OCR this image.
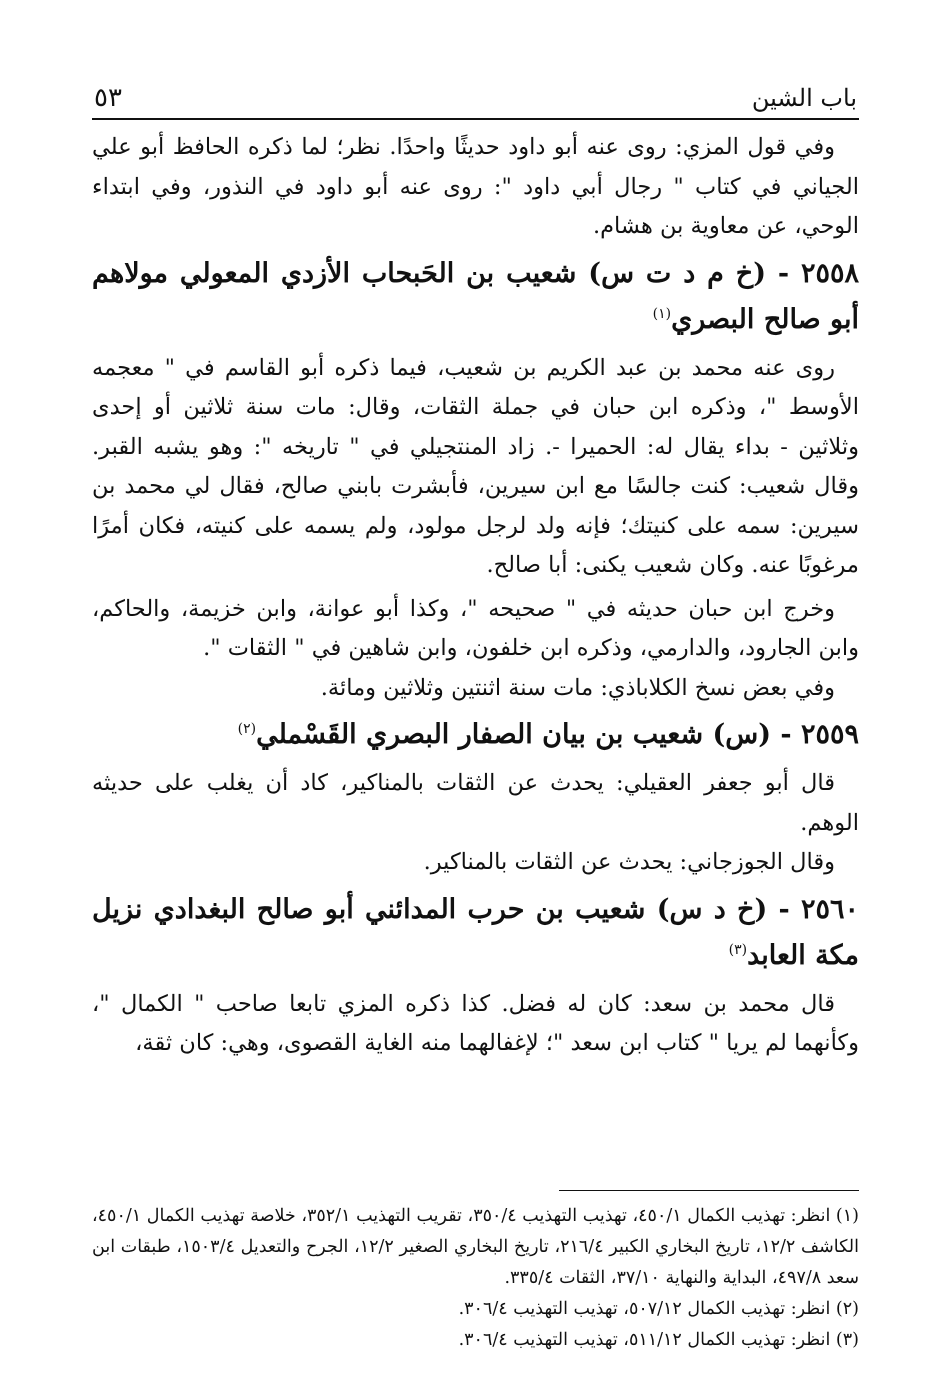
باب الشين
٥٣

وفي قول المزي: روى عنه أبو داود حديثًا واحدًا. نظر؛ لما ذكره الحافظ أبو علي الجياني في كتاب " رجال أبي داود ": روى عنه أبو داود في النذور، وفي ابتداء الوحي، عن معاوية بن هشام.

٢٥٥٨ - (خ م د ت س) شعيب بن الحَبحاب الأزدي المعولي مولاهم أبو صالح البصري$^{(١)}$

روى عنه محمد بن عبد الكريم بن شعيب، فيما ذكره أبو القاسم في " معجمه الأوسط "، وذكره ابن حبان في جملة الثقات، وقال: مات سنة ثلاثين أو إحدى وثلاثين - بداء يقال له: الحميرا -. زاد المنتجيلي في " تاريخه ": وهو يشبه القبر. وقال شعيب: كنت جالسًا مع ابن سيرين، فأبشرت بابني صالح، فقال لي محمد بن سيرين: سمه على كنيتك؛ فإنه ولد لرجل مولود، ولم يسمه على كنيته، فكان أمرًا مرغوبًا عنه. وكان شعيب يكنى: أبا صالح.

وخرج ابن حبان حديثه في " صحيحه "، وكذا أبو عوانة، وابن خزيمة، والحاكم، وابن الجارود، والدارمي، وذكره ابن خلفون، وابن شاهين في " الثقات ".

وفي بعض نسخ الكلاباذي: مات سنة اثنتين وثلاثين ومائة.

٢٥٥٩ - (س) شعيب بن بيان الصفار البصري القَسْملي$^{(٢)}$

قال أبو جعفر العقيلي: يحدث عن الثقات بالمناكير، كاد أن يغلب على حديثه الوهم.

وقال الجوزجاني: يحدث عن الثقات بالمناكير.

٢٥٦٠ - (خ د س) شعيب بن حرب المدائني أبو صالح البغدادي نزيل مكة العابد$^{(٣)}$

قال محمد بن سعد: كان له فضل. كذا ذكره المزي تابعا صاحب " الكمال "، وكأنهما لم يريا " كتاب ابن سعد "؛ لإغفالهما منه الغاية القصوى، وهي: كان ثقة،

(١) انظر: تهذيب الكمال ٤٥٠/١، تهذيب التهذيب ٣٥٠/٤، تقريب التهذيب ٣٥٢/١، خلاصة تهذيب الكمال ٤٥٠/١، الكاشف ١٢/٢، تاريخ البخاري الكبير ٢١٦/٤، تاريخ البخاري الصغير ١٢/٢، الجرح والتعديل ١٥٠٣/٤، طبقات ابن سعد ٤٩٧/٨، البداية والنهاية ٣٧/١٠، الثقات ٣٣٥/٤.

(٢) انظر: تهذيب الكمال ٥٠٧/١٢، تهذيب التهذيب ٣٠٦/٤.

(٣) انظر: تهذيب الكمال ٥١١/١٢، تهذيب التهذيب ٣٠٦/٤.
